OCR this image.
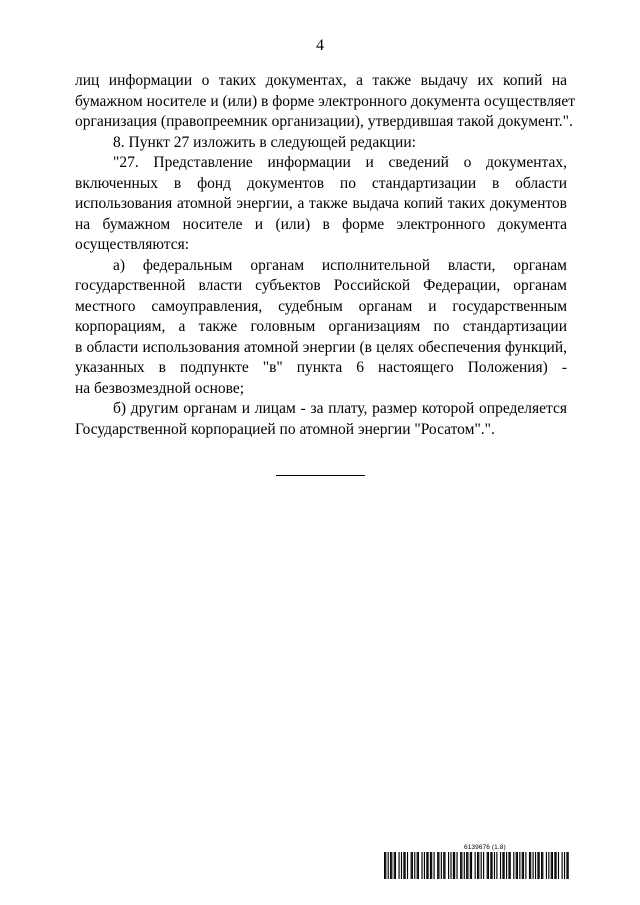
4
лиц информации о таких документах, а также выдачу их копий на
бумажном носителе и (или) в форме электронного документа осуществляет
организация (правопреемник организации), утвердившая такой документ.".
8. Пункт 27 изложить в следующей редакции:
"27. Представление информации и сведений о документах,
включенных в фонд документов по стандартизации в области
использования атомной энергии, а также выдача копий таких документов
на бумажном носителе и (или) в форме электронного документа
осуществляются:
а) федеральным органам исполнительной власти, органам
государственной власти субъектов Российской Федерации, органам
местного самоуправления, судебным органам и государственным
корпорациям, а также головным организациям по стандартизации
в области использования атомной энергии (в целях обеспечения функций,
указанных в подпункте "в" пункта 6 настоящего Положения) -
на безвозмездной основе;
б) другим органам и лицам - за плату, размер которой определяется
Государственной корпорацией по атомной энергии "Росатом".".
6139676 (1.8)
